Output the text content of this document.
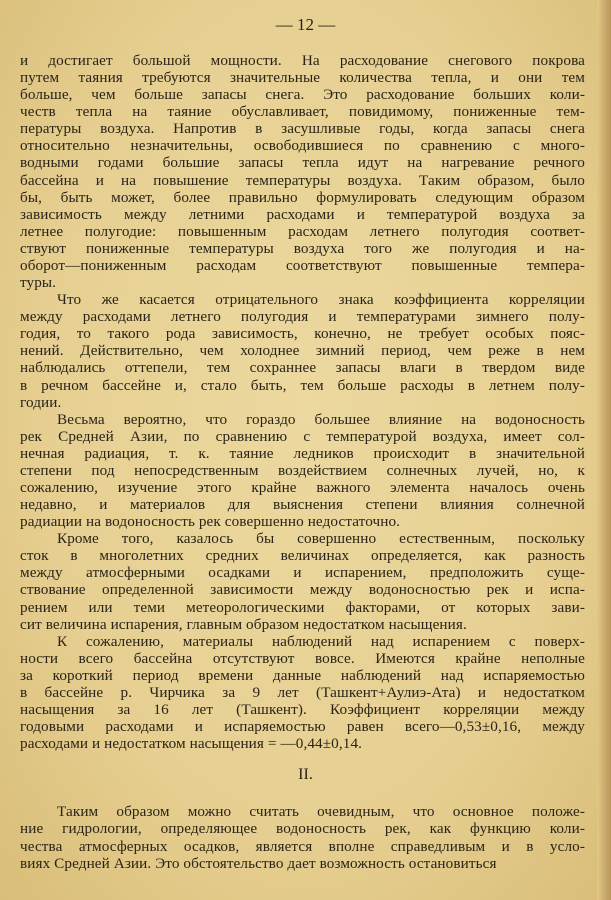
— 12 —
II.
и достигает большой мощности. На расходование снегового покрова
путем таяния требуются значительные количества тепла, и они тем
больше, чем больше запасы снега. Это расходование больших коли-
честв тепла на таяние обуславливает, повидимому, пониженные тем-
пературы воздуха. Напротив в засушливые годы, когда запасы снега
относительно незначительны, освободившиеся по сравнению с много-
водными годами большие запасы тепла идут на нагревание речного
бассейна и на повышение температуры воздуха. Таким образом, было
бы, быть может, более правильно формулировать следующим образом
зависимость между летними расходами и температурой воздуха за
летнее полугодие: повышенным расходам летнего полугодия соответ-
ствуют пониженные температуры воздуха того же полугодия и на-
оборот—пониженным расходам соответствуют повышенные темпера-
туры.
Что же касается отрицательного знака коэффициента корреляции
между расходами летнего полугодия и температурами зимнего полу-
годия, то такого рода зависимость, конечно, не требует особых пояс-
нений. Действительно, чем холоднее зимний период, чем реже в нем
наблюдались оттепели, тем сохраннее запасы влаги в твердом виде
в речном бассейне и, стало быть, тем больше расходы в летнем полу-
годии.
Весьма вероятно, что гораздо большее влияние на водоносность
рек Средней Азии, по сравнению с температурой воздуха, имеет сол-
нечная радиация, т. к. таяние ледников происходит в значительной
степени под непосредственным воздействием солнечных лучей, но, к
сожалению, изучение этого крайне важного элемента началось очень
недавно, и материалов для выяснения степени влияния солнечной
радиации на водоносность рек совершенно недостаточно.
Кроме того, казалось бы совершенно естественным, поскольку
сток в многолетних средних величинах определяется, как разность
между атмосферными осадками и испарением, предположить суще-
ствование определенной зависимости между водоносностью рек и испа-
рением или теми метеорологическими факторами, от которых зави-
сит величина испарения, главным образом недостатком насыщения.
К сожалению, материалы наблюдений над испарением с поверх-
ности всего бассейна отсутствуют вовсе. Имеются крайне неполные
за короткий период времени данные наблюдений над испаряемостью
в бассейне р. Чирчика за 9 лет (Ташкент+Аулиэ-Ата) и недостатком
насыщения за 16 лет (Ташкент). Коэффициент корреляции между
годовыми расходами и испаряемостью равен всего—0,53±0,16, между
расходами и недостатком насыщения = —0,44±0,14.
Таким образом можно считать очевидным, что основное положе-
ние гидрологии, определяющее водоносность рек, как функцию коли-
чества атмосферных осадков, является вполне справедливым и в усло-
виях Средней Азии. Это обстоятельство дает возможность остановиться
